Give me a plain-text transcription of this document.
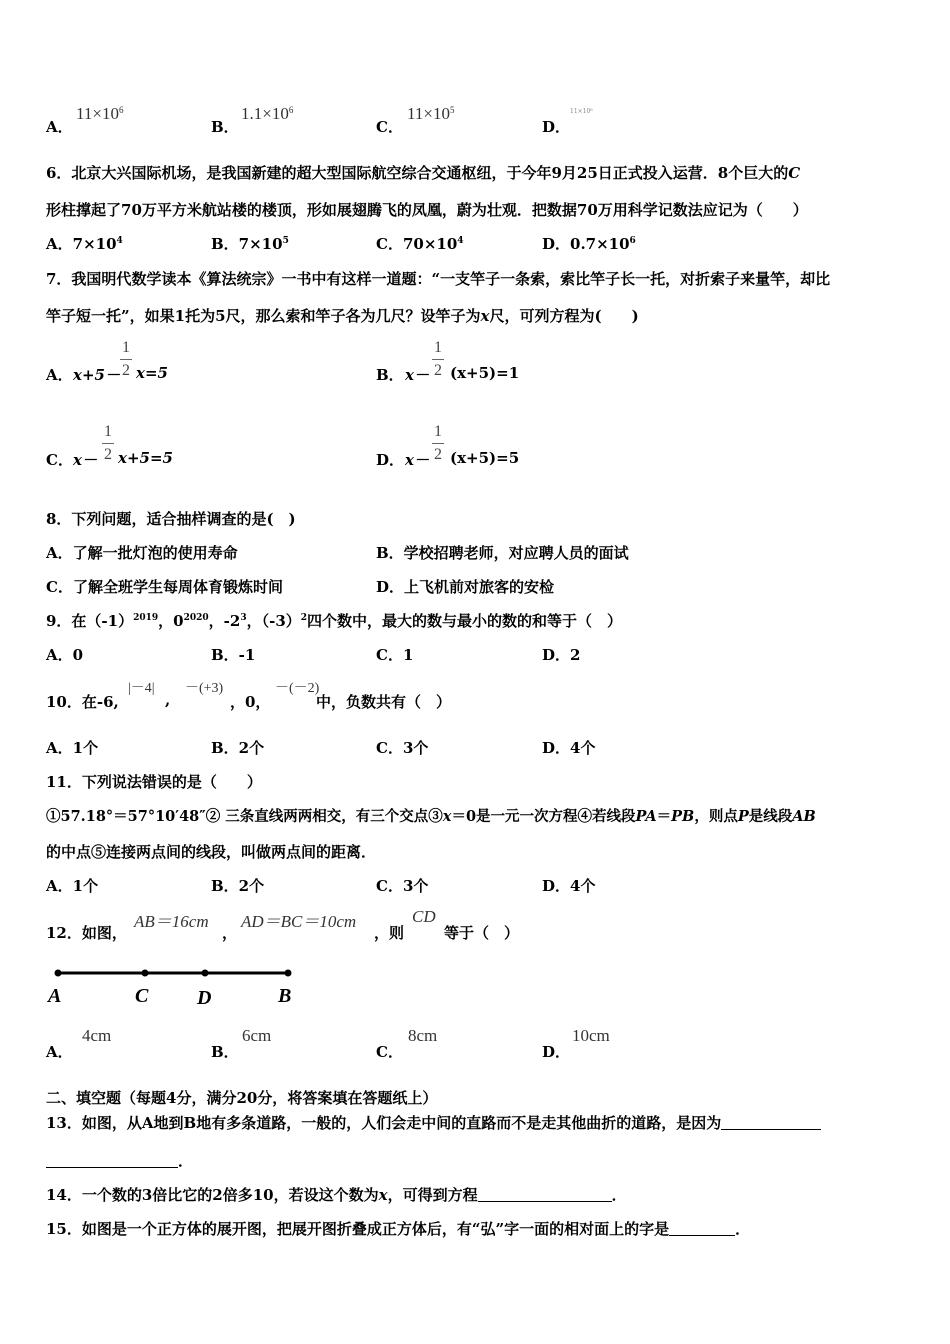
A．
$11\times 10^6$
B．
$1.1\times 10^6$
C．
$11\times 10^5$
D．
11×10⁶
6．北京大兴国际机场，是我国新建的超大型国际航空综合交通枢纽，于今年9月25日正式投入运营．8个巨大的C
形柱撑起了70万平方米航站楼的楼顶，形如展翅腾飞的凤凰，蔚为壮观．把数据70万用科学记数法应记为（　　）
A．$7\times 10^4$	B．$7\times 10^5$	C．$70\times 10^4$	D．$0.7\times 10^6$
7．我国明代数学读本《算法统宗》一书中有这样一道题：“一支竿子一条索，索比竿子长一托，对折索子来量竿，却比
竿子短一托”，如果1托为5尺，那么索和竿子各为几尺？设竿子为x尺，可列方程为(　　)
A． x+5－
1
2 x=5	B． x－
1
2 (x+5)=1
C． x－
1
2 x+5=5	D． x－
1
2 (x+5)=5
8．下列问题，适合抽样调查的是(　)
A．了解一批灯泡的使用寿命	B．学校招聘老师，对应聘人员的面试
C．了解全班学生每周体育锻炼时间	D．上飞机前对旅客的安检
9．在$(-1)^{2019}$，$0^{2020}$，$-2^3$，$(-3)^2$四个数中，最大的数与最小的数的和等于（　）
A．0	B．-1	C．1	D．2
10．在-6,
|－4|
,
－(+3)
，0，
－(－2)
中，负数共有（　）
A．1个	B．2个	C．3个	D．4个
11．下列说法错误的是（　　）
①57.18°＝57°10′48″② 三条直线两两相交，有三个交点③x＝0是一元一次方程④若线段PA＝PB，则点P是线段AB
的中点⑤连接两点间的线段，叫做两点间的距离．
A．1个	B．2个	C．3个	D．4个
12．如图，
AB＝16cm
，
AD＝BC＝10cm
，则
CD
等于（　）
A	C D	B
A．
4cm
B．
6cm
C．
8cm
D．
10cm
二、填空题（每题4分，满分20分，将答案填在答题纸上）
13．如图，从A地到B地有多条道路，一般的，人们会走中间的直路而不是走其他曲折的道路，是因为
．
14．一个数的3倍比它的2倍多10，若设这个数为x，可得到方程	．
15．如图是一个正方体的展开图，把展开图折叠成正方体后，有“弘”字一面的相对面上的字是	．
